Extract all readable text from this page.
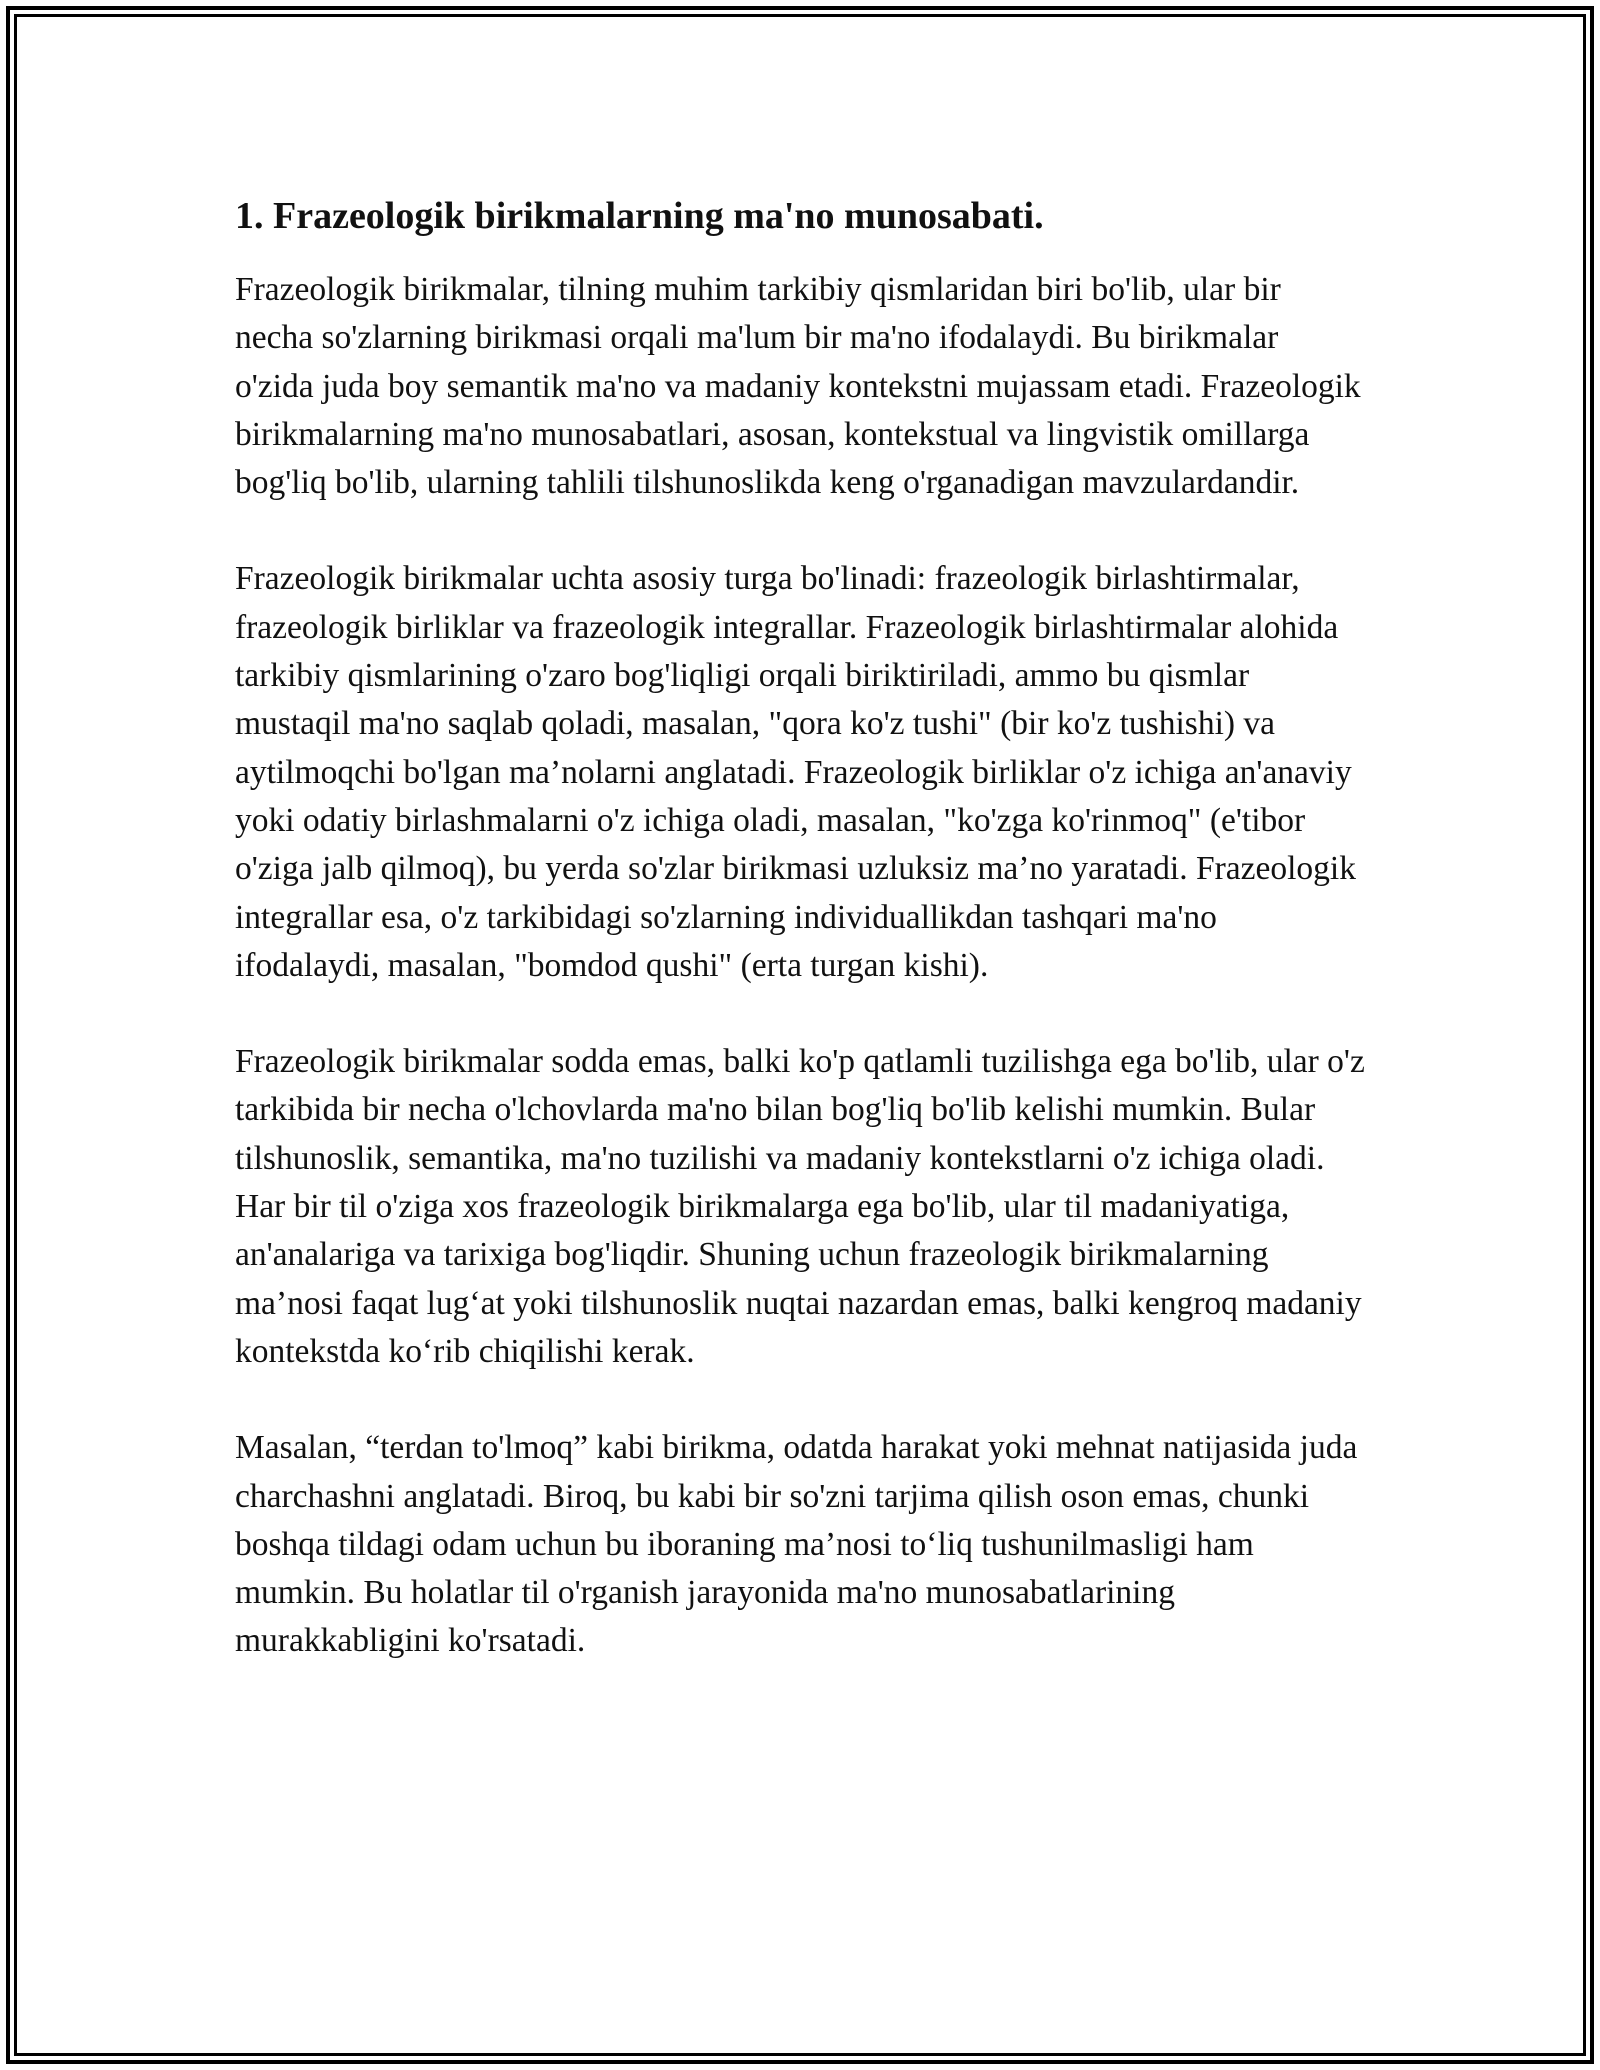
1. Frazeologik birikmalarning ma'no munosabati.

Frazeologik birikmalar, tilning muhim tarkibiy qismlaridan biri bo'lib, ular bir necha so'zlarning birikmasi orqali ma'lum bir ma'no ifodalaydi. Bu birikmalar o'zida juda boy semantik ma'no va madaniy kontekstni mujassam etadi. Frazeologik birikmalarning ma'no munosabatlari, asosan, kontekstual va lingvistik omillarga bog'liq bo'lib, ularning tahlili tilshunoslikda keng o'rganadigan mavzulardandir.

Frazeologik birikmalar uchta asosiy turga bo'linadi: frazeologik birlashtirmalar, frazeologik birliklar va frazeologik integrallar. Frazeologik birlashtirmalar alohida tarkibiy qismlarining o'zaro bog'liqligi orqali biriktiriladi, ammo bu qismlar mustaqil ma'no saqlab qoladi, masalan, "qora ko'z tushi" (bir ko'z tushishi) va aytilmoqchi bo'lgan ma’nolarni anglatadi. Frazeologik birliklar o'z ichiga an'anaviy yoki odatiy birlashmalarni o'z ichiga oladi, masalan, "ko'zga ko'rinmoq" (e'tibor o'ziga jalb qilmoq), bu yerda so'zlar birikmasi uzluksiz ma’no yaratadi. Frazeologik integrallar esa, o'z tarkibidagi so'zlarning individuallikdan tashqari ma'no ifodalaydi, masalan, "bomdod qushi" (erta turgan kishi).

Frazeologik birikmalar sodda emas, balki ko'p qatlamli tuzilishga ega bo'lib, ular o'z tarkibida bir necha o'lchovlarda ma'no bilan bog'liq bo'lib kelishi mumkin. Bular tilshunoslik, semantika, ma'no tuzilishi va madaniy kontekstlarni o'z ichiga oladi. Har bir til o'ziga xos frazeologik birikmalarga ega bo'lib, ular til madaniyatiga, an'analariga va tarixiga bog'liqdir. Shuning uchun frazeologik birikmalarning ma’nosi faqat lug‘at yoki tilshunoslik nuqtai nazardan emas, balki kengroq madaniy kontekstda ko‘rib chiqilishi kerak.

Masalan, “terdan to'lmoq” kabi birikma, odatda harakat yoki mehnat natijasida juda charchashni anglatadi. Biroq, bu kabi bir so'zni tarjima qilish oson emas, chunki boshqa tildagi odam uchun bu iboraning ma’nosi to‘liq tushunilmasligi ham mumkin. Bu holatlar til o'rganish jarayonida ma'no munosabatlarining murakkabligini ko'rsatadi.
